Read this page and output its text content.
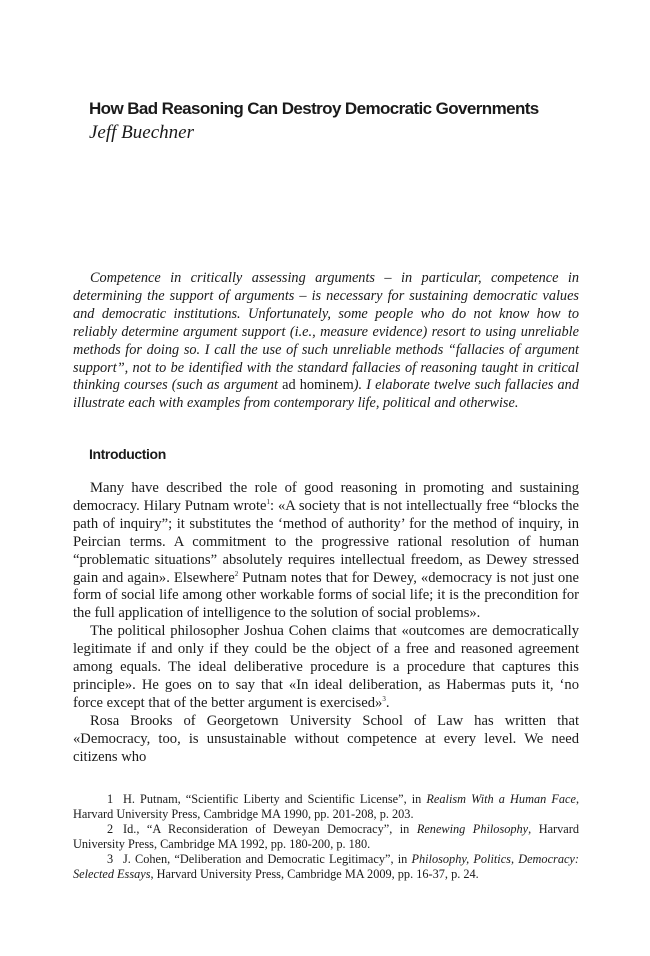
How Bad Reasoning Can Destroy Democratic Governments
Jeff Buechner

Competence in critically assessing arguments – in particular, competence in determining the support of arguments – is necessary for sustaining democratic values and democratic institutions. Unfortunately, some people who do not know how to reliably determine argument support (i.e., measure evidence) resort to using unreliable methods for doing so. I call the use of such unreliable methods “fallacies of argument support”, not to be identified with the standard fallacies of reasoning taught in critical thinking courses (such as argument ad hominem). I elaborate twelve such fallacies and illustrate each with examples from contemporary life, political and otherwise.

Introduction

Many have described the role of good reasoning in promoting and sustaining democracy. Hilary Putnam wrote$^1$: «A society that is not intellectually free “blocks the path of inquiry”; it substitutes the ‘method of authority’ for the method of inquiry, in Peircian terms. A commitment to the progressive rational resolution of human “problematic situations” absolutely requires intellectual freedom, as Dewey stressed gain and again». Elsewhere$^2$ Putnam notes that for Dewey, «democracy is not just one form of social life among other workable forms of social life; it is the precondition for the full application of intelligence to the solution of social problems».

The political philosopher Joshua Cohen claims that «outcomes are democratically legitimate if and only if they could be the object of a free and reasoned agreement among equals. The ideal deliberative procedure is a procedure that captures this principle». He goes on to say that «In ideal deliberation, as Habermas puts it, ‘no force except that of the better argument is exercised»$^3$.

Rosa Brooks of Georgetown University School of Law has written that «Democracy, too, is unsustainable without competence at every level. We need citizens who

1 H. Putnam, “Scientific Liberty and Scientific License”, in Realism With a Human Face, Harvard University Press, Cambridge MA 1990, pp. 201-208, p. 203.

2 Id., “A Reconsideration of Deweyan Democracy”, in Renewing Philosophy, Harvard University Press, Cambridge MA 1992, pp. 180-200, p. 180.

3 J. Cohen, “Deliberation and Democratic Legitimacy”, in Philosophy, Politics, Democracy: Selected Essays, Harvard University Press, Cambridge MA 2009, pp. 16-37, p. 24.
